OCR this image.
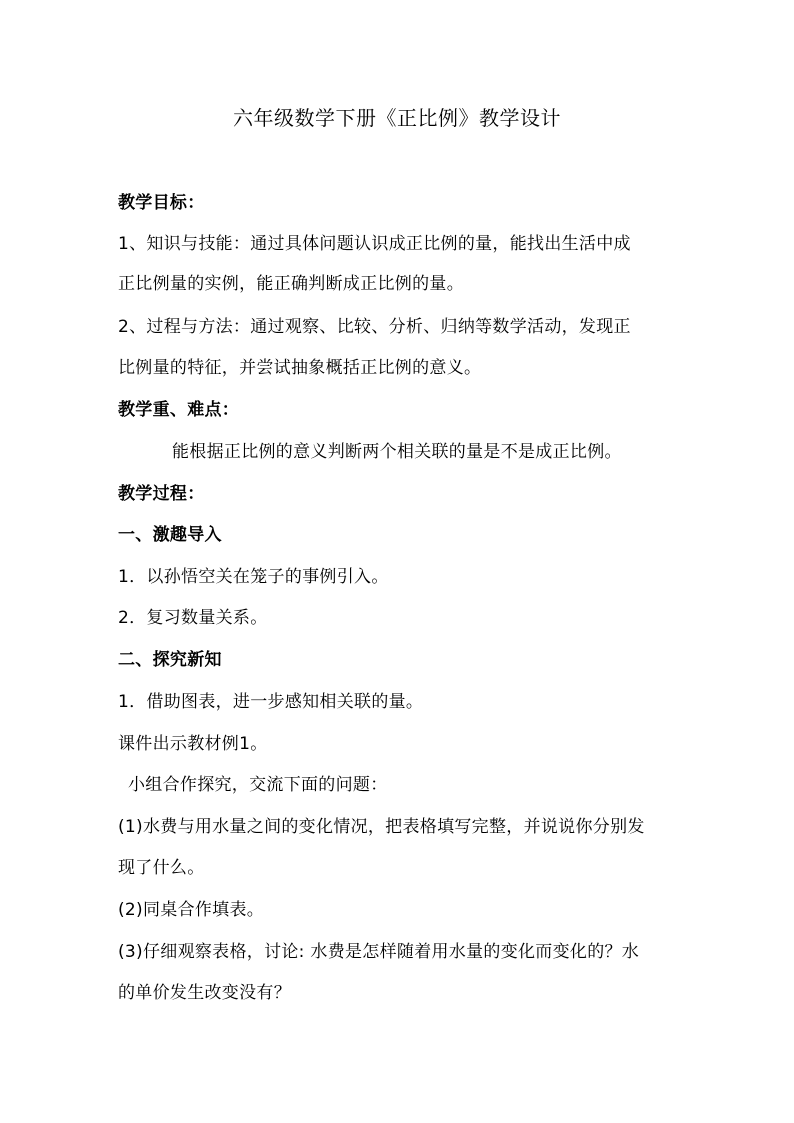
六年级数学下册《正比例》教学设计
教学目标：
1、知识与技能：通过具体问题认识成正比例的量，能找出生活中成
正比例量的实例，能正确判断成正比例的量。
2、过程与方法：通过观察、比较、分析、归纳等数学活动，发现正
比例量的特征，并尝试抽象概括正比例的意义。
教学重、难点：
能根据正比例的意义判断两个相关联的量是不是成正比例。
教学过程：
一、激趣导入
1．以孙悟空关在笼子的事例引入。
2．复习数量关系。
二、探究新知
1．借助图表，进一步感知相关联的量。
课件出示教材例1。
小组合作探究，交流下面的问题：
(1)水费与用水量之间的变化情况，把表格填写完整，并说说你分别发
现了什么。
(2)同桌合作填表。
(3)仔细观察表格，讨论: 水费是怎样随着用水量的变化而变化的？水
的单价发生改变没有？
